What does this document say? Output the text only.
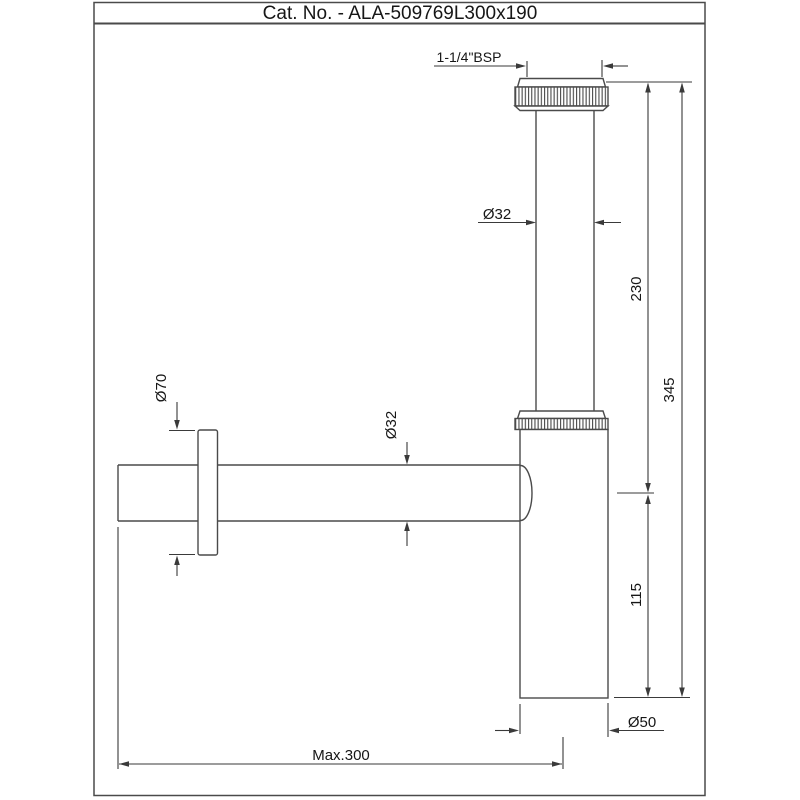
Cat. No. - ALA-509769L300x190
1-1/4"BSP
Ø32
230
115
345
Ø70
Ø32
Ø50
Max.300
